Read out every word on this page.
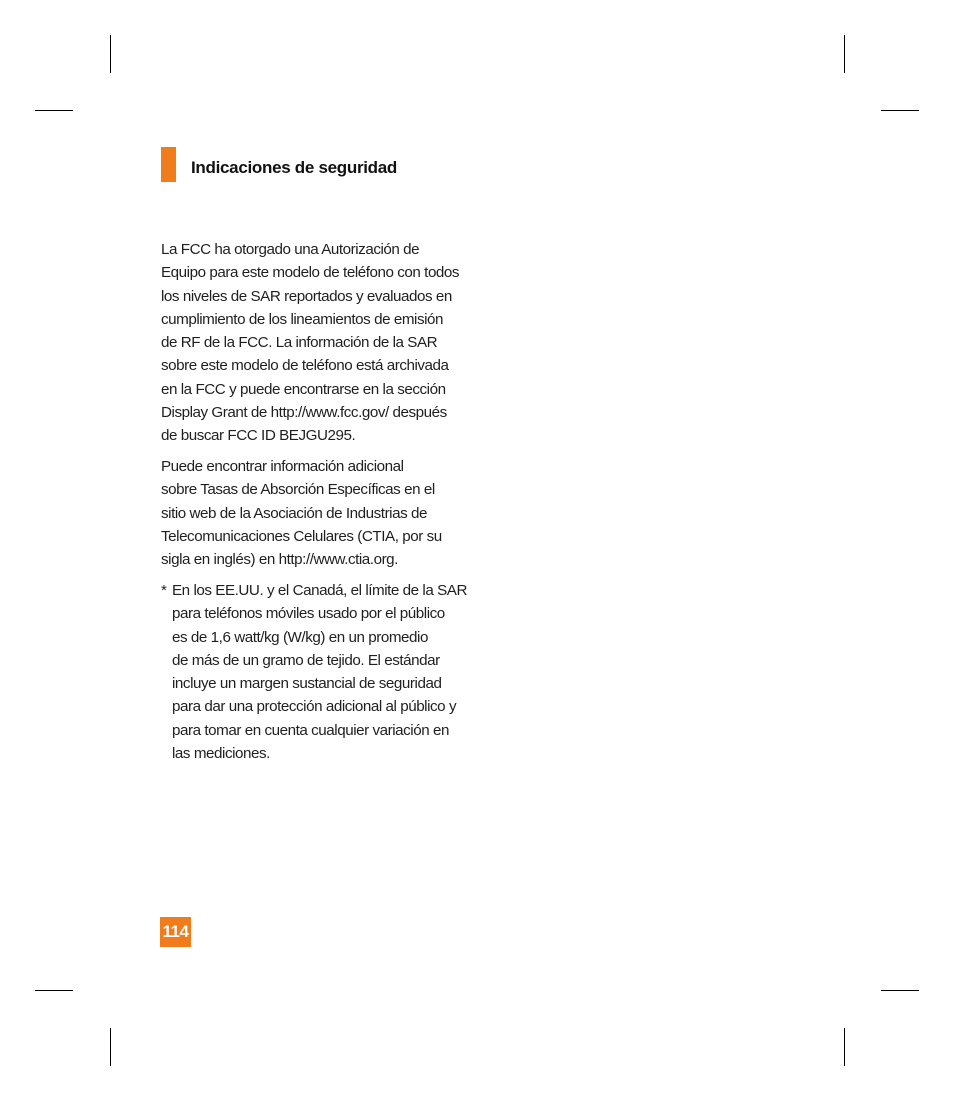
Indicaciones de seguridad
La FCC ha otorgado una Autorización de
Equipo para este modelo de teléfono con todos
los niveles de SAR reportados y evaluados en
cumplimiento de los lineamientos de emisión
de RF de la FCC. La información de la SAR
sobre este modelo de teléfono está archivada
en la FCC y puede encontrarse en la sección
Display Grant de http://www.fcc.gov/ después
de buscar FCC ID BEJGU295.
Puede encontrar información adicional
sobre Tasas de Absorción Específicas en el
sitio web de la Asociación de Industrias de
Telecomunicaciones Celulares (CTIA, por su
sigla en inglés) en http://www.ctia.org.
* En los EE.UU. y el Canadá, el límite de la SAR
para teléfonos móviles usado por el público
es de 1,6 watt/kg (W/kg) en un promedio
de más de un gramo de tejido. El estándar
incluye un margen sustancial de seguridad
para dar una protección adicional al público y
para tomar en cuenta cualquier variación en
las mediciones.
114
